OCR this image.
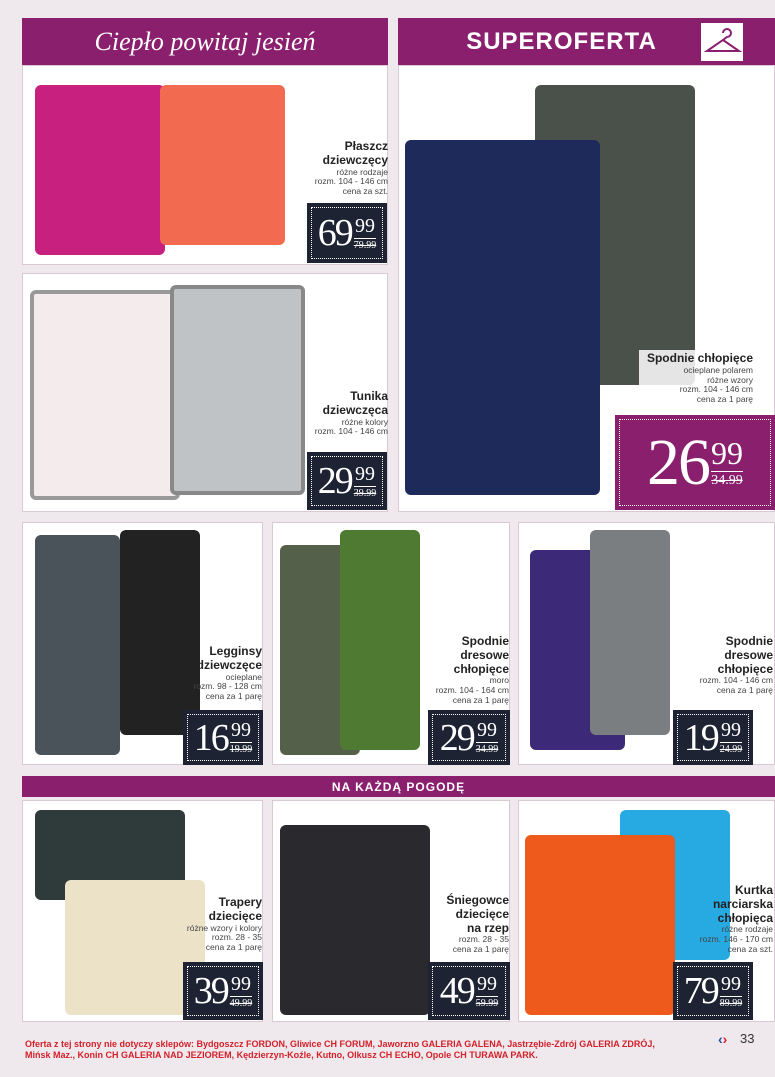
Ciepło powitaj jesień	SUPEROFERTA
NA KAŻDĄ POGODĘ
Płaszcz
dziewczęcy
różne rodzaje
rozm. 104 - 146 cm
cena za szt.
69 99
79.99
Tunika
dziewczęca
różne kolory
rozm. 104 - 146 cm
29 99
39.99
Spodnie chłopięce
ocieplane polarem
różne wzory
rozm. 104 - 146 cm
cena za 1 parę
26 99
34.99
Legginsy
dziewczęce
ocieplane
rozm. 98 - 128 cm
cena za 1 parę
16 99
19.99
Spodnie
dresowe
chłopięce
moro
rozm. 104 - 164 cm
cena za 1 parę
29 99
34.99
Spodnie
dresowe
chłopięce
rozm. 104 - 146 cm
cena za 1 parę
19 99
24.99
Trapery
dziecięce
różne wzory i kolory
rozm. 28 - 35
cena za 1 parę
39 99
49.99
Śniegowce
dziecięce
na rzep
rozm. 28 - 35
cena za 1 parę
49 99
59.99
Kurtka
narciarska
chłopięca
różne rodzaje
rozm. 146 - 170 cm
cena za szt.
79 99
89.99
Oferta z tej strony nie dotyczy sklepów: Bydgoszcz FORDON, Gliwice CH FORUM, Jaworzno GALERIA GALENA, Jastrzębie-Zdrój GALERIA ZDRÓJ,
Mińsk Maz., Konin CH GALERIA NAD JEZIOREM, Kędzierzyn-Koźle, Kutno, Olkusz CH ECHO, Opole CH TURAWA PARK.
‹› 33
